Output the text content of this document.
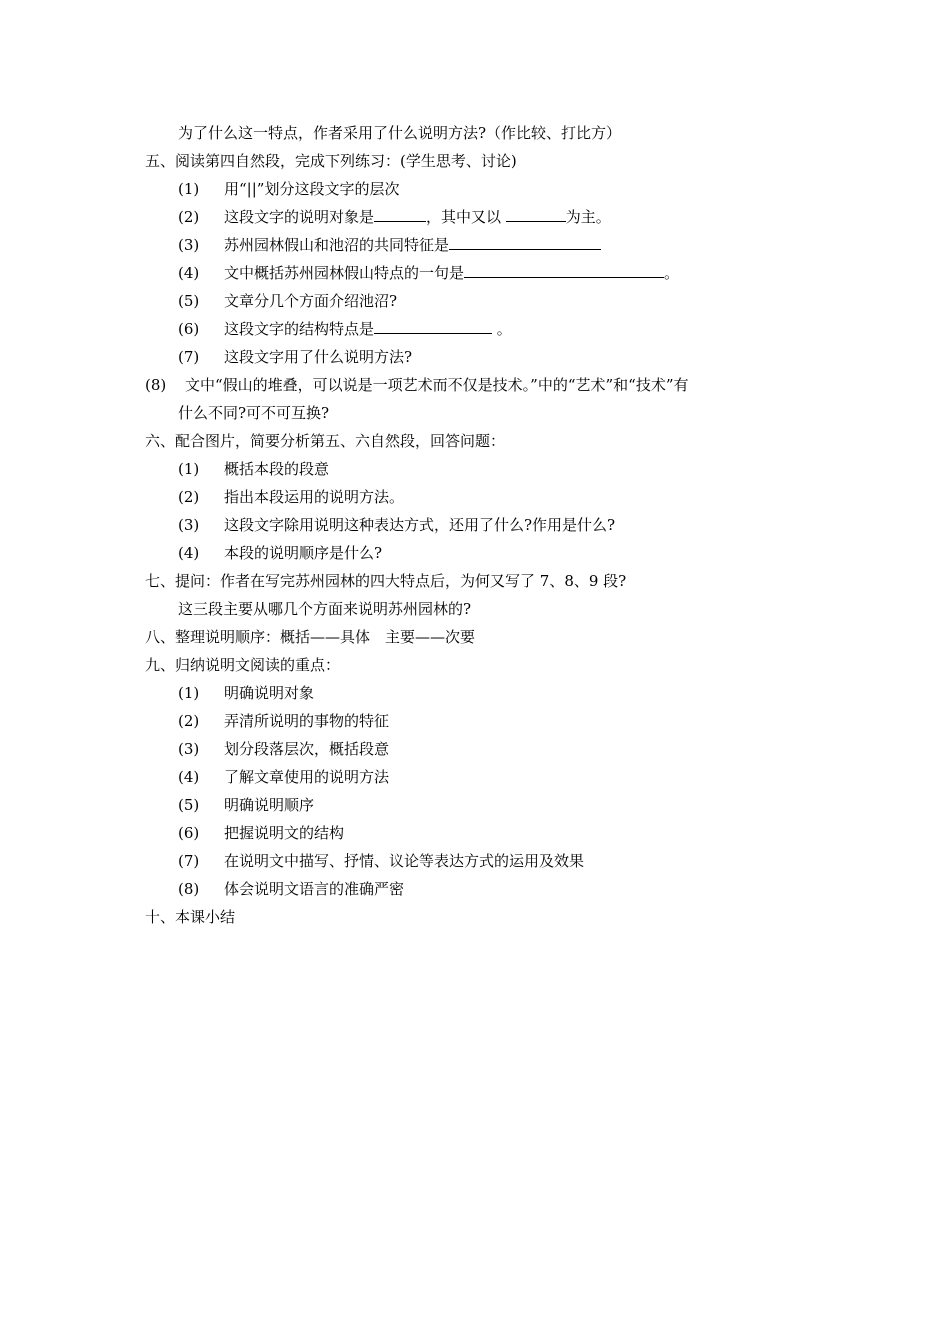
为了什么这一特点，作者采用了什么说明方法?（作比较、打比方）
五、阅读第四自然段，完成下列练习：(学生思考、讨论)
(1) 用“||”划分这段文字的层次
(2) 这段文字的说明对象是	，其中又以	为主。
(3) 苏州园林假山和池沼的共同特征是
(4) 文中概括苏州园林假山特点的一句是	。
(5) 文章分几个方面介绍池沼?
(6) 这段文字的结构特点是	。
(7) 这段文字用了什么说明方法?
(8) 文中“假山的堆叠，可以说是一项艺术而不仅是技术。”中的“艺术”和“技术”有
什么不同?可不可互换?
六、配合图片，简要分析第五、六自然段，回答问题：
(1) 概括本段的段意
(2) 指出本段运用的说明方法。
(3) 这段文字除用说明这种表达方式，还用了什么?作用是什么?
(4) 本段的说明顺序是什么?
七、提问：作者在写完苏州园林的四大特点后，为何又写了 7、8、9 段?
这三段主要从哪几个方面来说明苏州园林的?
八、整理说明顺序：概括——具体　主要——次要
九、归纳说明文阅读的重点：
(1) 明确说明对象
(2) 弄清所说明的事物的特征
(3) 划分段落层次，概括段意
(4) 了解文章使用的说明方法
(5) 明确说明顺序
(6) 把握说明文的结构
(7) 在说明文中描写、抒情、议论等表达方式的运用及效果
(8) 体会说明文语言的准确严密
十、本课小结
